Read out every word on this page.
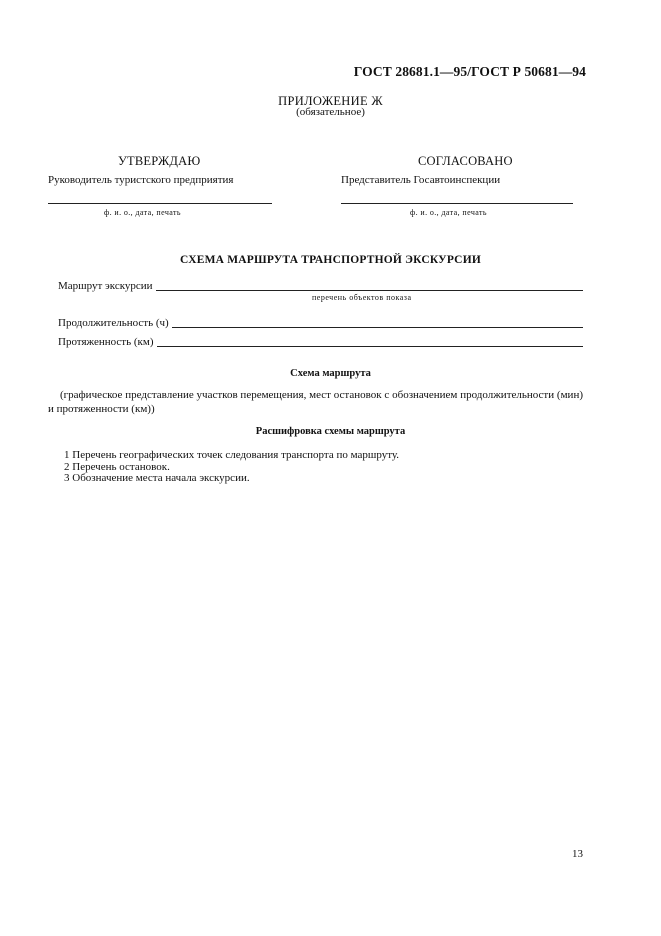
ГОСТ 28681.1—95/ГОСТ Р 50681—94
ПРИЛОЖЕНИЕ Ж
(обязательное)
УТВЕРЖДАЮ	СОГЛАСОВАНО
Руководитель туристского предприятия	Представитель Госавтоинспекции
ф. и. о., дата, печать	ф. и. о., дата, печать
СХЕМА МАРШРУТА ТРАНСПОРТНОЙ ЭКСКУРСИИ
Маршрут экскурсии
перечень объектов показа
Продолжительность (ч)
Протяженность (км)
Схема маршрута
(графическое представление участков перемещения, мест остановок с обозначением продолжительности (мин) и протяженности (км))
Расшифровка схемы маршрута
1 Перечень географических точек следования транспорта по маршруту.
2 Перечень остановок.
3 Обозначение места начала экскурсии.
13
